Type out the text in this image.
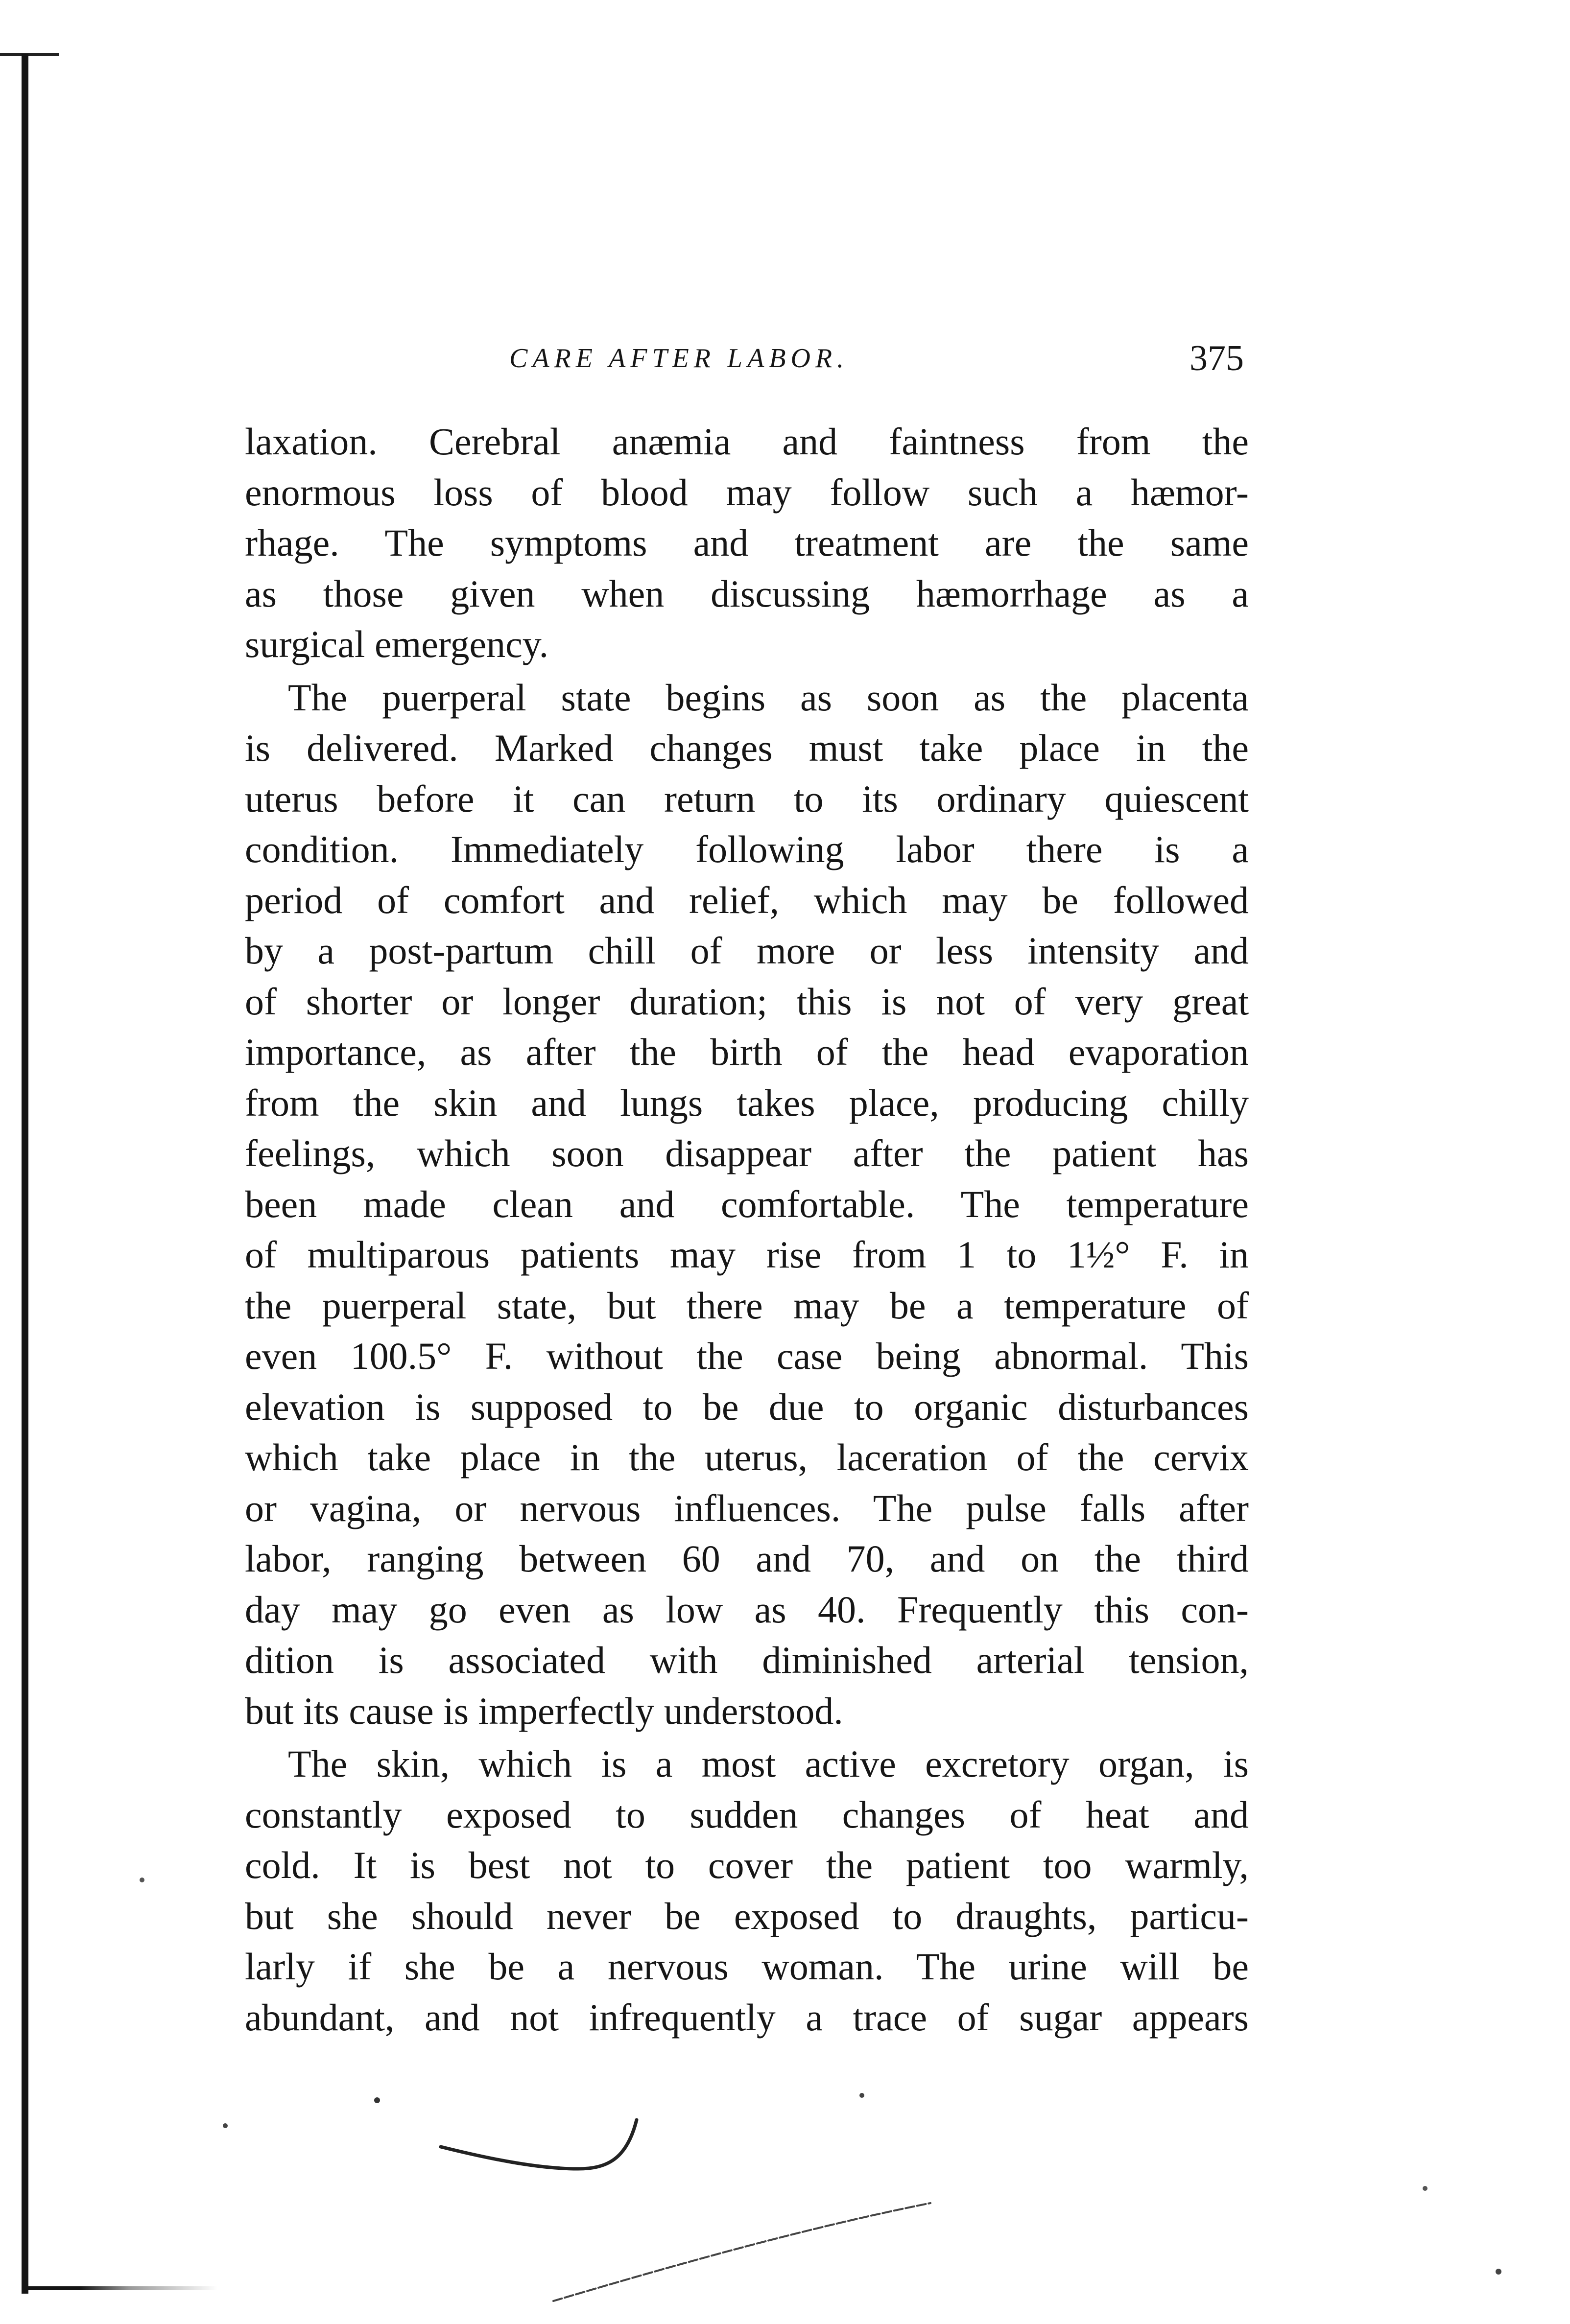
CARE AFTER LABOR.	375
laxation. Cerebral anæmia and faintness from the
enormous loss of blood may follow such a hæmor-
rhage. The symptoms and treatment are the same
as those given when discussing hæmorrhage as a
surgical emergency.
The puerperal state begins as soon as the placenta
is delivered. Marked changes must take place in the
uterus before it can return to its ordinary quiescent
condition. Immediately following labor there is a
period of comfort and relief, which may be followed
by a post-partum chill of more or less intensity and
of shorter or longer duration; this is not of very great
importance, as after the birth of the head evaporation
from the skin and lungs takes place, producing chilly
feelings, which soon disappear after the patient has
been made clean and comfortable. The temperature
of multiparous patients may rise from 1 to 1½° F. in
the puerperal state, but there may be a temperature of
even 100.5° F. without the case being abnormal. This
elevation is supposed to be due to organic disturbances
which take place in the uterus, laceration of the cervix
or vagina, or nervous influences. The pulse falls after
labor, ranging between 60 and 70, and on the third
day may go even as low as 40. Frequently this con-
dition is associated with diminished arterial tension,
but its cause is imperfectly understood.
The skin, which is a most active excretory organ, is
constantly exposed to sudden changes of heat and
cold. It is best not to cover the patient too warmly,
but she should never be exposed to draughts, particu-
larly if she be a nervous woman. The urine will be
abundant, and not infrequently a trace of sugar appears
